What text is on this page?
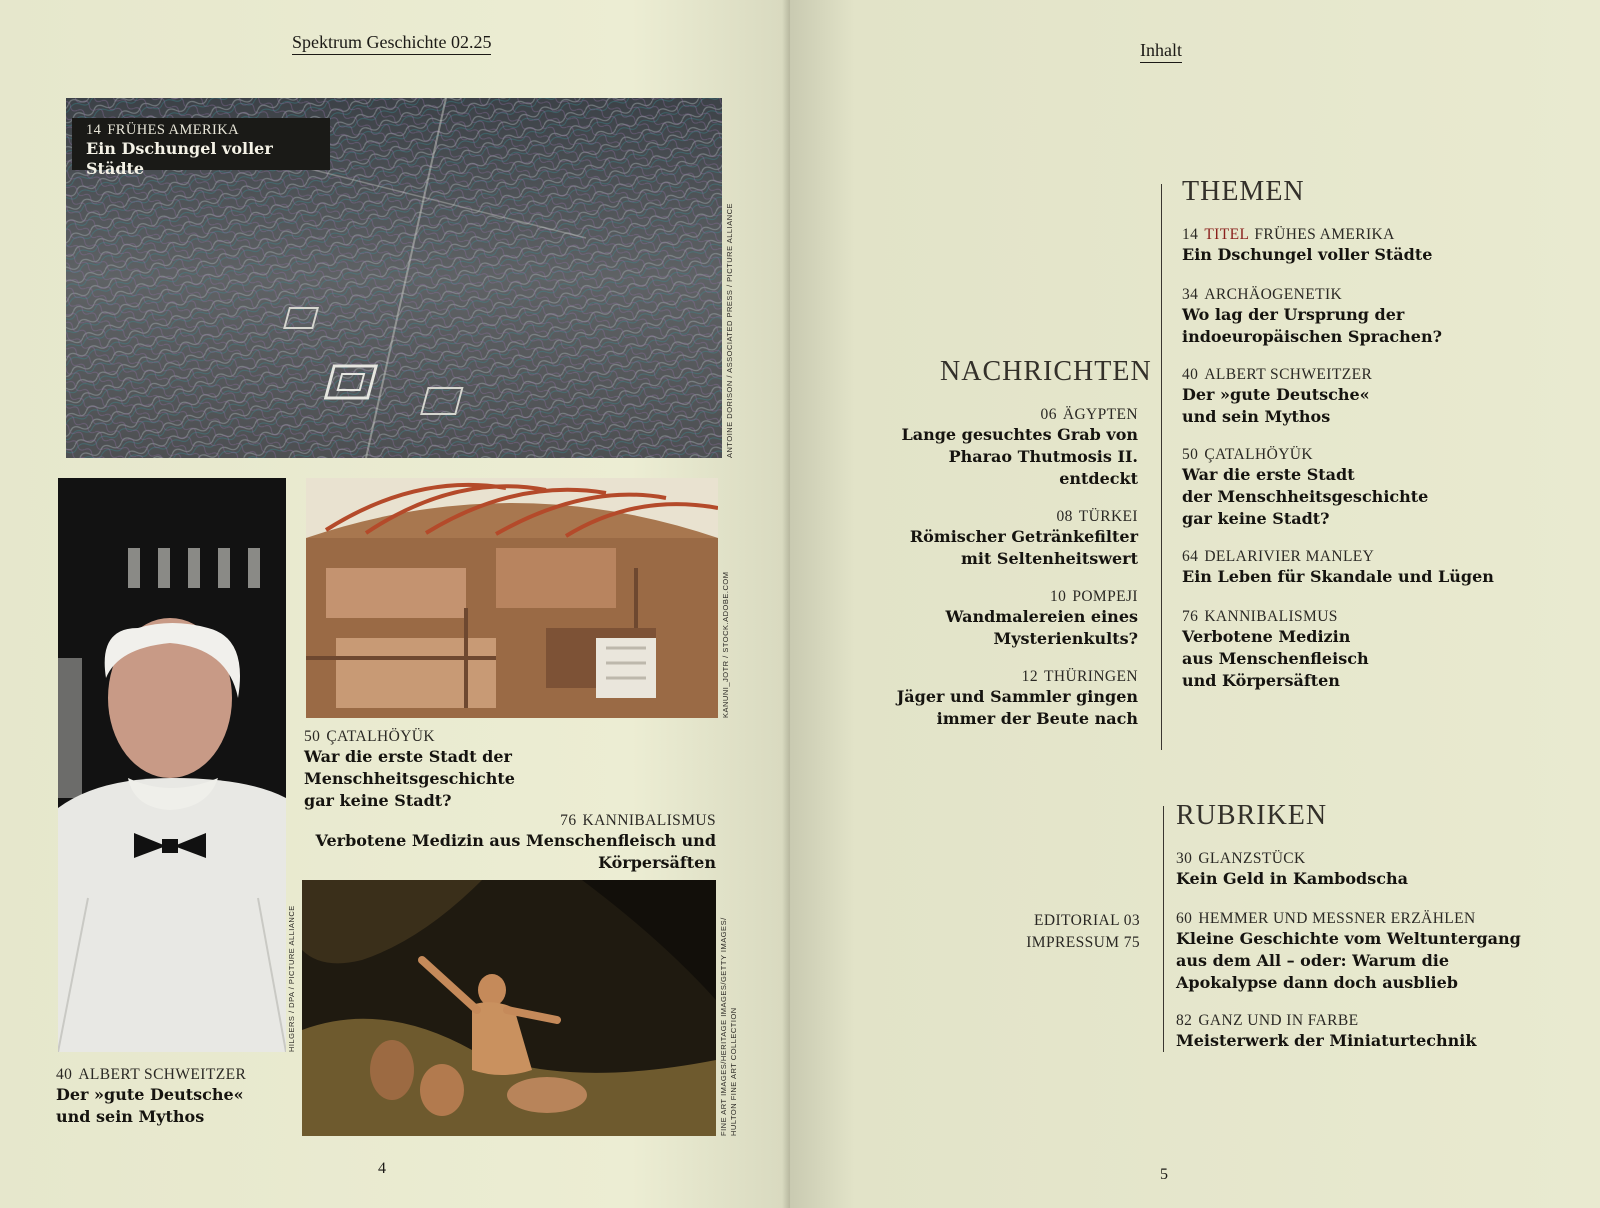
Spektrum Geschichte 02.25
14 FRÜHES AMERIKA
Ein Dschungel voller Städte
ANTOINE DORISON / ASSOCIATED PRESS / PICTURE ALLIANCE
HILGERS / DPA / PICTURE ALLIANCE
KANUNI_JOTR / STOCK.ADOBE.COM
50 ÇATALHÖYÜK
War die erste Stadt der Menschheitsgeschichte
gar keine Stadt?
76 KANNIBALISMUS
Verbotene Medizin aus Menschenfleisch und
Körpersäften
FINE ART IMAGES/HERITAGE IMAGES/GETTY IMAGES/ HULTON FINE ART COLLECTION
40 ALBERT SCHWEITZER
Der »gute Deutsche«
und sein Mythos
4
Inhalt
NACHRICHTEN
06 ÄGYPTEN
Lange gesuchtes Grab von
Pharao Thutmosis II.
entdeckt
08 TÜRKEI
Römischer Getränkefilter
mit Seltenheitswert
10 POMPEJI
Wandmalereien eines
Mysterienkults?
12 THÜRINGEN
Jäger und Sammler gingen
immer der Beute nach
EDITORIAL 03
IMPRESSUM 75
THEMEN
14 TITEL FRÜHES AMERIKA
Ein Dschungel voller Städte
34 ARCHÄOGENETIK
Wo lag der Ursprung der
indoeuropäischen Sprachen?
40 ALBERT SCHWEITZER
Der »gute Deutsche«
und sein Mythos
50 ÇATALHÖYÜK
War die erste Stadt
der Menschheitsgeschichte
gar keine Stadt?
64 DELARIVIER MANLEY
Ein Leben für Skandale und Lügen
76 KANNIBALISMUS
Verbotene Medizin
aus Menschenfleisch
und Körpersäften
RUBRIKEN
30 GLANZSTÜCK
Kein Geld in Kambodscha
60 HEMMER UND MESSNER ERZÄHLEN
Kleine Geschichte vom Weltuntergang
aus dem All – oder: Warum die
Apokalypse dann doch ausblieb
82 GANZ UND IN FARBE
Meisterwerk der Miniaturtechnik
5
